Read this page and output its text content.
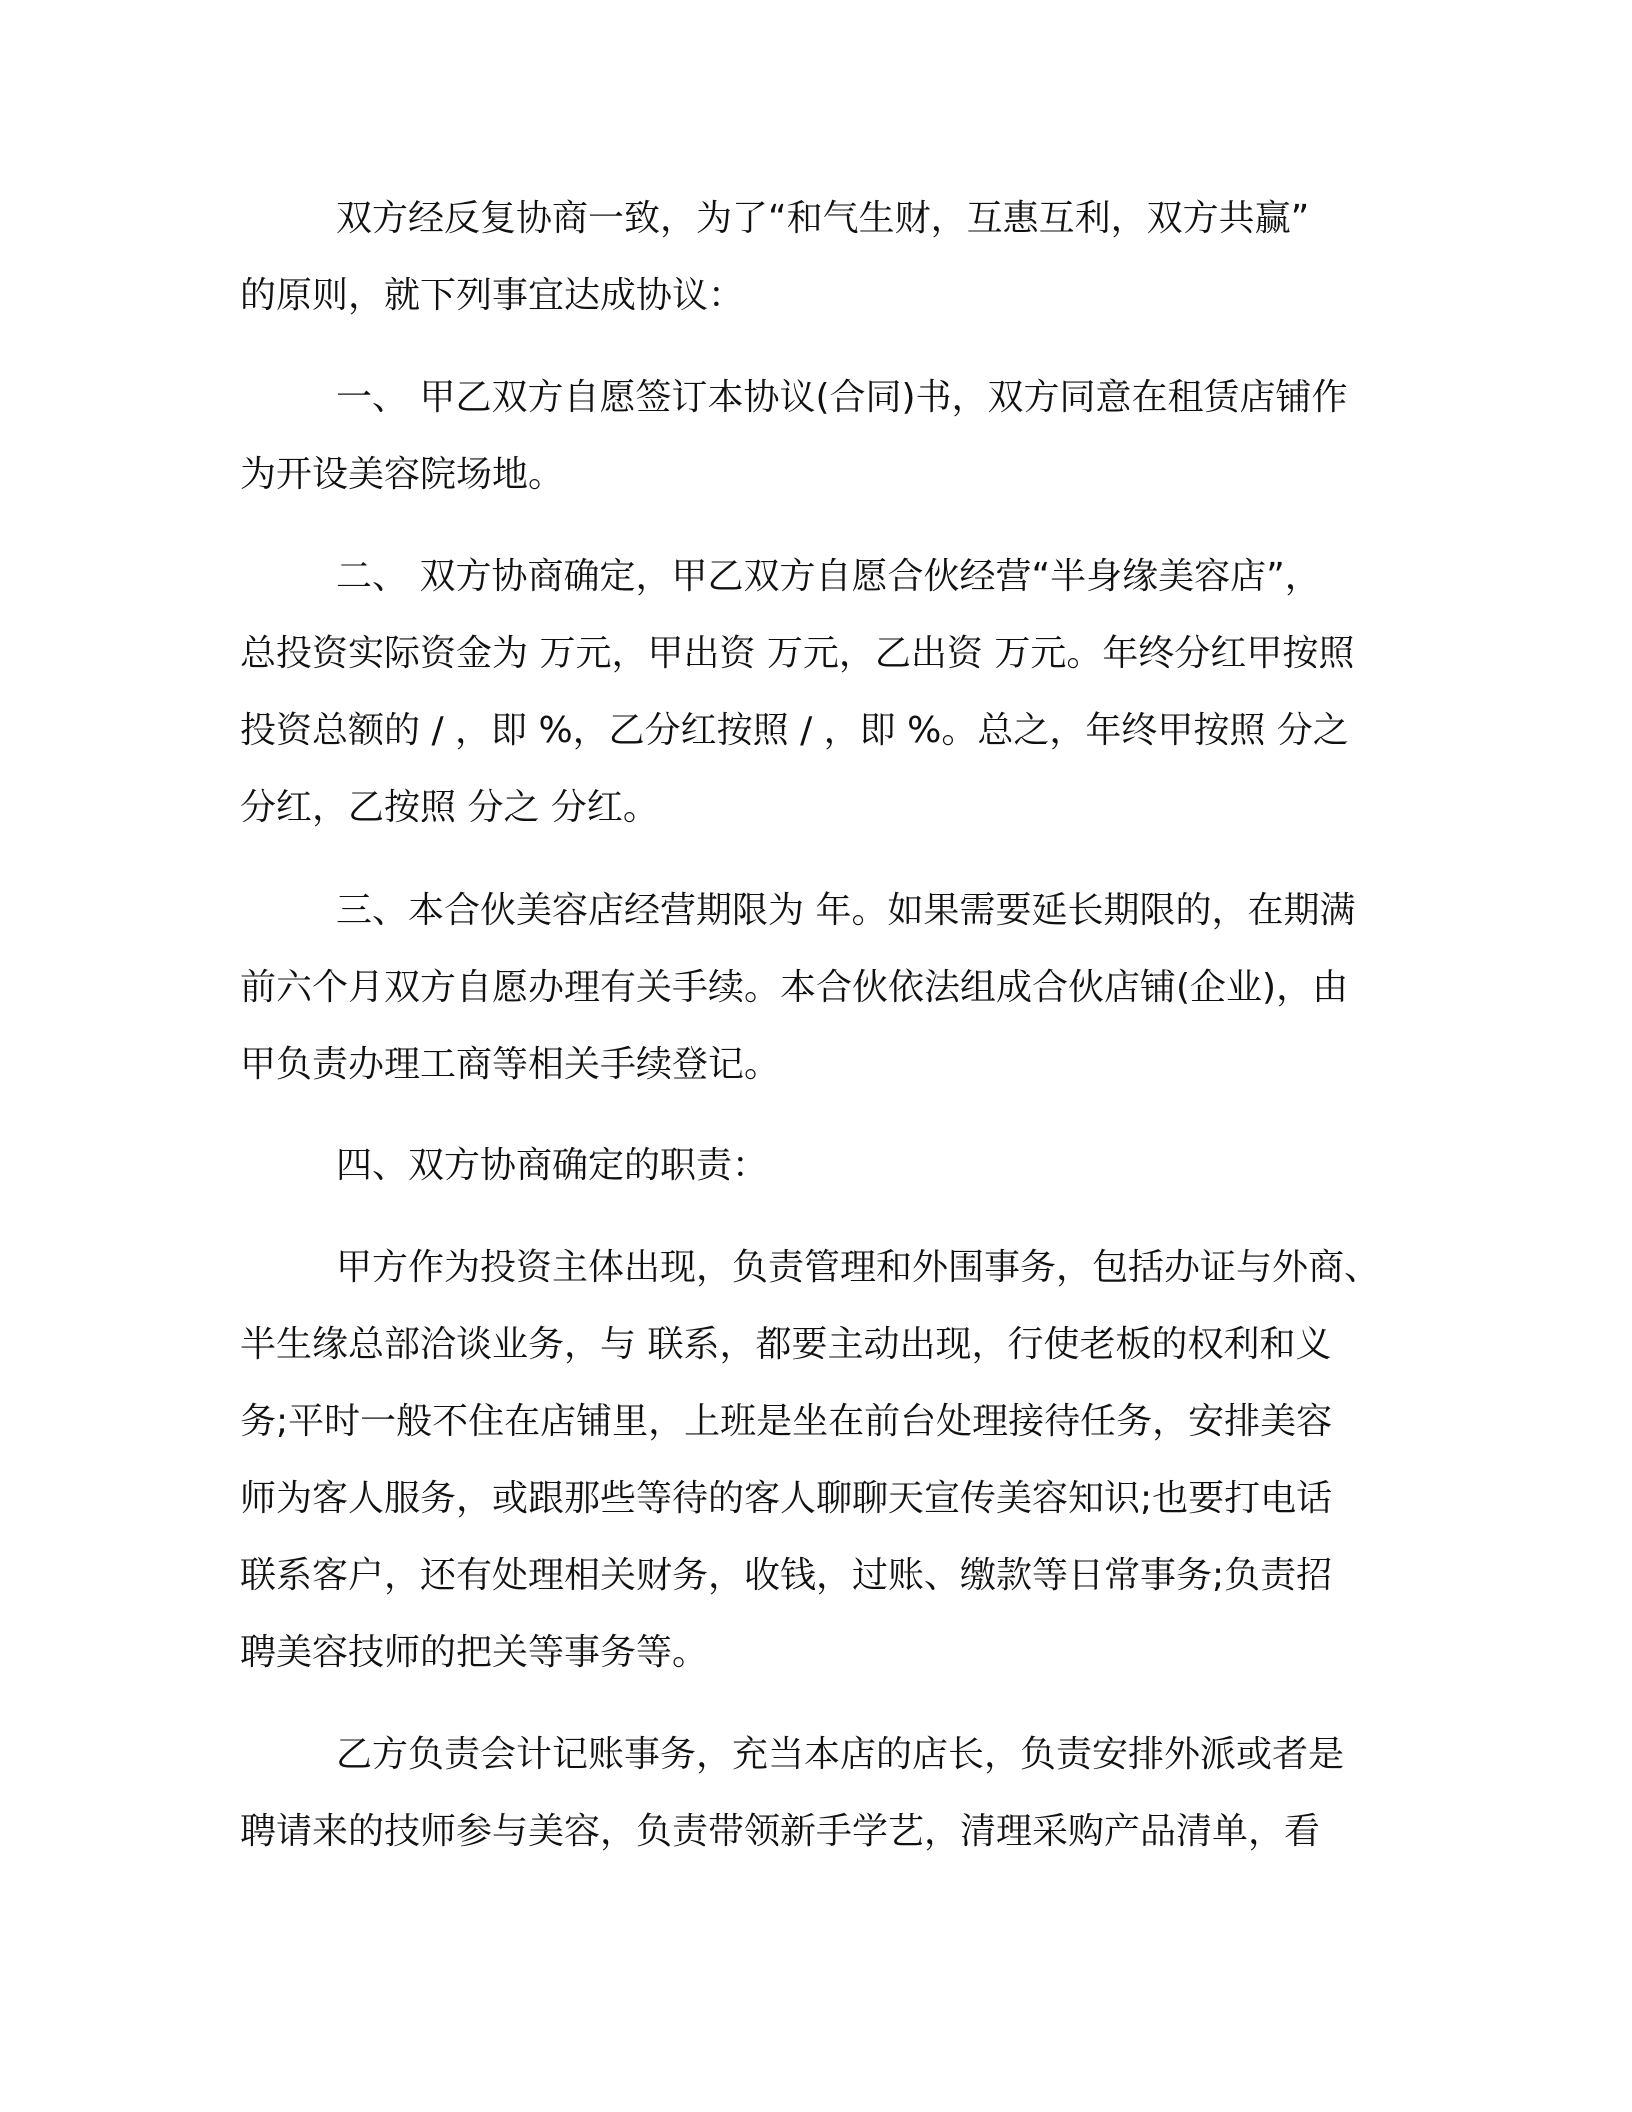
双方经反复协商一致，为了“和气生财，互惠互利，双方共赢”
的原则，就下列事宜达成协议：

一、 甲乙双方自愿签订本协议(合同)书，双方同意在租赁店铺作
为开设美容院场地。

二、 双方协商确定，甲乙双方自愿合伙经营“半身缘美容店”，
总投资实际资金为 万元，甲出资 万元，乙出资 万元。年终分红甲按照
投资总额的 / ，即 %，乙分红按照 / ，即 %。总之，年终甲按照 分之
分红，乙按照 分之 分红。

三、本合伙美容店经营期限为 年。如果需要延长期限的，在期满
前六个月双方自愿办理有关手续。本合伙依法组成合伙店铺(企业)，由
甲负责办理工商等相关手续登记。

四、双方协商确定的职责：

甲方作为投资主体出现，负责管理和外围事务，包括办证与外商、
半生缘总部洽谈业务，与 联系，都要主动出现，行使老板的权利和义
务;平时一般不住在店铺里，上班是坐在前台处理接待任务，安排美容
师为客人服务，或跟那些等待的客人聊聊天宣传美容知识;也要打电话
联系客户，还有处理相关财务，收钱，过账、缴款等日常事务;负责招
聘美容技师的把关等事务等。

乙方负责会计记账事务，充当本店的店长，负责安排外派或者是
聘请来的技师参与美容，负责带领新手学艺，清理采购产品清单，看
